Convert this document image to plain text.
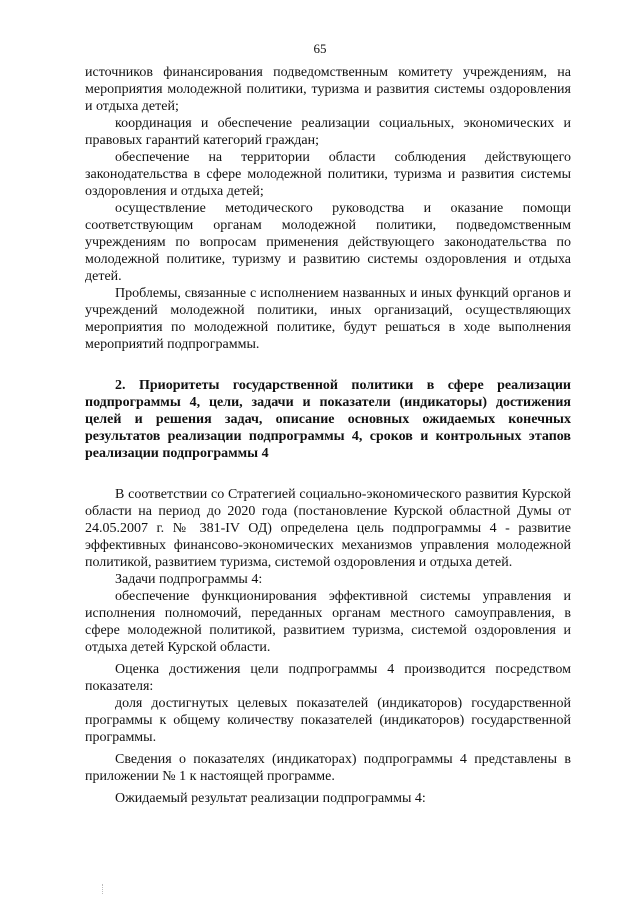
65

источников финансирования подведомственным комитету учреждениям, на мероприятия молодежной политики, туризма и развития системы оздоровления и отдыха детей;

координация и обеспечение реализации социальных, экономических и правовых гарантий категорий граждан;

обеспечение на территории области соблюдения действующего законодательства в сфере молодежной политики, туризма и развития системы оздоровления и отдыха детей;

осуществление методического руководства и оказание помощи соответствующим органам молодежной политики, подведомственным учреждениям по вопросам применения действующего законодательства по молодежной политике, туризму и развитию системы оздоровления и отдыха детей.

Проблемы, связанные с исполнением названных и иных функций органов и учреждений молодежной политики, иных организаций, осуществляющих мероприятия по молодежной политике, будут решаться в ходе выполнения мероприятий подпрограммы.

2. Приоритеты государственной политики в сфере реализации подпрограммы 4, цели, задачи и показатели (индикаторы) достижения целей и решения задач, описание основных ожидаемых конечных результатов реализации подпрограммы 4, сроков и контрольных этапов реализации подпрограммы 4

В соответствии со Стратегией социально-экономического развития Курской области на период до 2020 года (постановление Курской областной Думы от 24.05.2007 г. № 381-IV ОД) определена цель подпрограммы 4 - развитие эффективных финансово-экономических механизмов управления молодежной политикой, развитием туризма, системой оздоровления и отдыха детей.

Задачи подпрограммы 4:

обеспечение функционирования эффективной системы управления и исполнения полномочий, переданных органам местного самоуправления, в сфере молодежной политикой, развитием туризма, системой оздоровления и отдыха детей Курской области.

Оценка достижения цели подпрограммы 4 производится посредством показателя:

доля достигнутых целевых показателей (индикаторов) государственной программы к общему количеству показателей (индикаторов) государственной программы.

Сведения о показателях (индикаторах) подпрограммы 4 представлены в приложении № 1 к настоящей программе.

Ожидаемый результат реализации подпрограммы 4:
